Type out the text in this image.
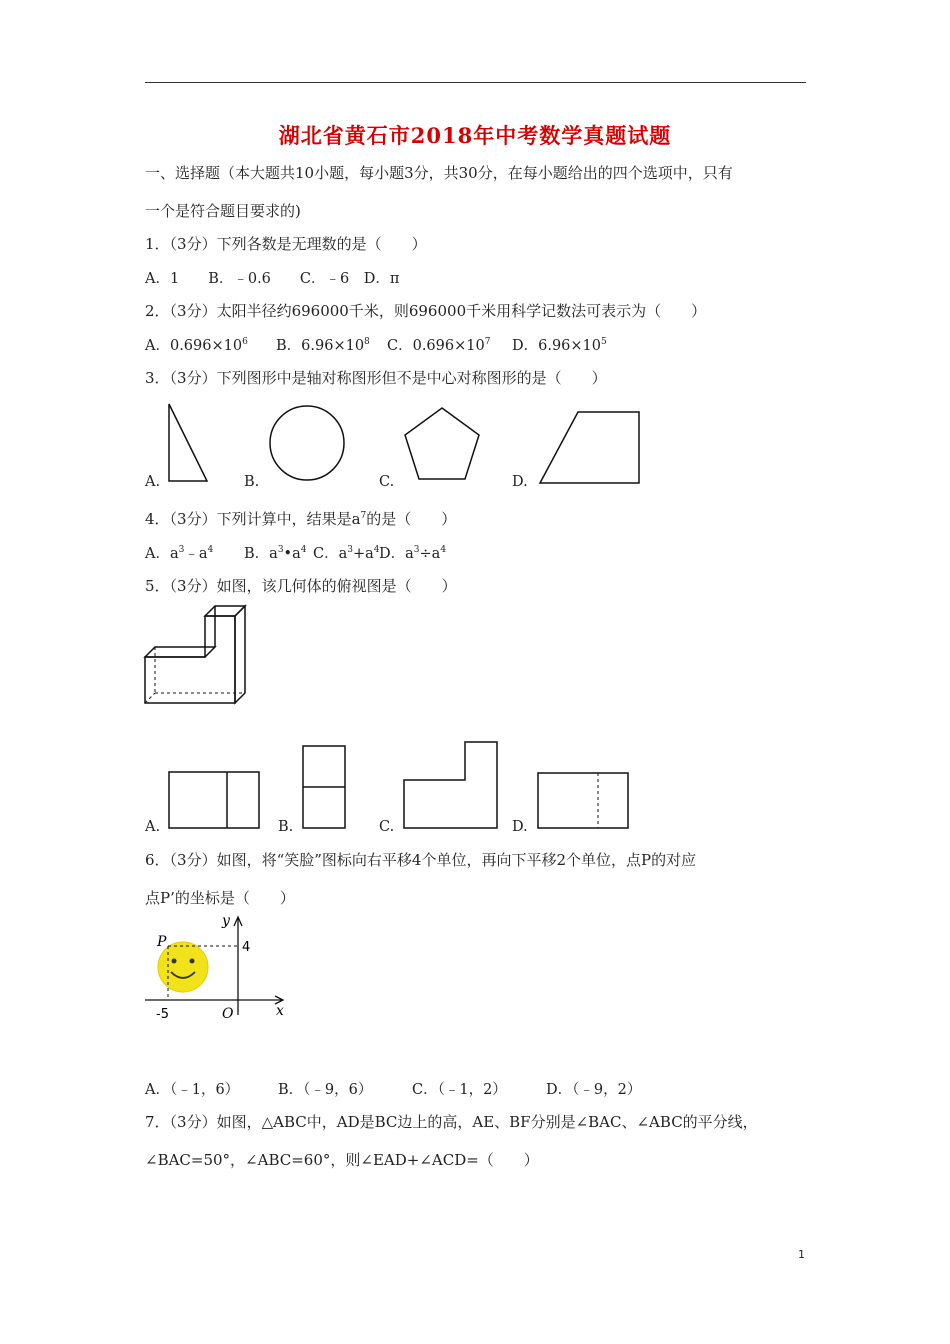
湖北省黄石市2018年中考数学真题试题
一、选择题（本大题共10小题，每小题3分，共30分，在每小题给出的四个选项中，只有
一个是符合题目要求的)
1．（3分）下列各数是无理数的是（　　）
A．1　　B．﹣0.6　　C．﹣6　D．π
2．（3分）太阳半径约696000千米，则696000千米用科学记数法可表示为（　　）
A．$0.696\times 10^6$ B．$6.96\times 10^8$ C．$0.696\times 10^7$ D．$6.96\times 10^5$
3．（3分）下列图形中是轴对称图形但不是中心对称图形的是（　　）
A.	B.	C.	D.
4．（3分）下列计算中，结果是$a^7$的是（　　）
A．$a^3﹣a^4$ B．$a^3•a^4$ C．$a^3+a^4$ D．$a^3\div a^4$
5．（3分）如图，该几何体的俯视图是（　　）
A.	B.	C.	D.
6．（3分）如图，将“笑脸”图标向右平移4个单位，再向下平移2个单位，点P的对应
点P’的坐标是（　　）
y
P	4
-5	O	x
A．（﹣1，6）	B．（﹣9，6）	C．（﹣1，2）	D．（﹣9，2）
7．（3分）如图，△ABC中，AD是BC边上的高，AE、BF分别是∠BAC、∠ABC的平分线，
∠BAC=50°，∠ABC=60°，则∠EAD+∠ACD=（　　）
1
